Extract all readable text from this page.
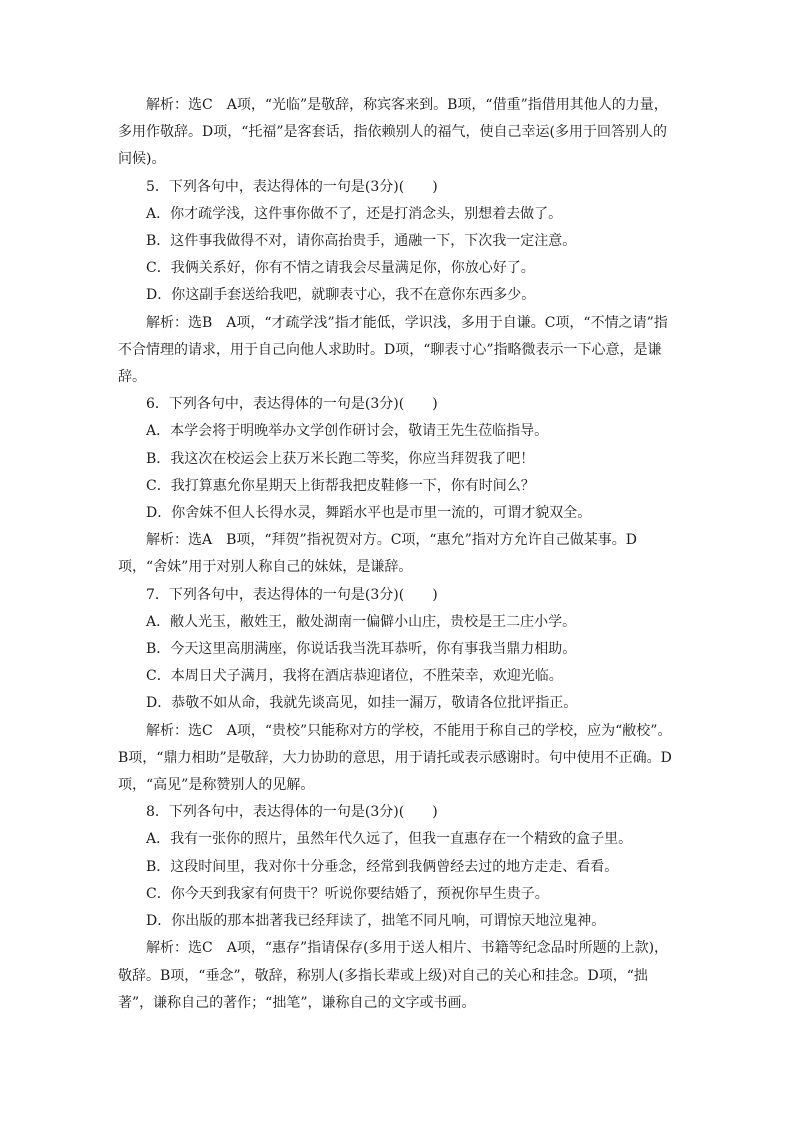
解析：选C　A项，“光临”是敬辞，称宾客来到。B项，“借重”指借用其他人的力量，多用作敬辞。D项，“托福”是客套话，指依赖别人的福气，使自己幸运(多用于回答别人的问候)。

5．下列各句中，表达得体的一句是(3分)(　　)

A．你才疏学浅，这件事你做不了，还是打消念头，别想着去做了。

B．这件事我做得不对，请你高抬贵手，通融一下，下次我一定注意。

C．我俩关系好，你有不情之请我会尽量满足你，你放心好了。

D．你这副手套送给我吧，就聊表寸心，我不在意你东西多少。

解析：选B　A项，“才疏学浅”指才能低，学识浅，多用于自谦。C项，“不情之请”指不合情理的请求，用于自己向他人求助时。D项，“聊表寸心”指略微表示一下心意，是谦辞。

6．下列各句中，表达得体的一句是(3分)(　　)

A．本学会将于明晚举办文学创作研讨会，敬请王先生莅临指导。

B．我这次在校运会上获万米长跑二等奖，你应当拜贺我了吧！

C．我打算惠允你星期天上街帮我把皮鞋修一下，你有时间么？

D．你舍妹不但人长得水灵，舞蹈水平也是市里一流的，可谓才貌双全。

解析：选A　B项，“拜贺”指祝贺对方。C项，“惠允”指对方允许自己做某事。D项，“舍妹”用于对别人称自己的妹妹，是谦辞。

7．下列各句中，表达得体的一句是(3分)(　　)

A．敝人光玉，敝姓王，敝处湖南一偏僻小山庄，贵校是王二庄小学。

B．今天这里高朋满座，你说话我当洗耳恭听，你有事我当鼎力相助。

C．本周日犬子满月，我将在酒店恭迎诸位，不胜荣幸，欢迎光临。

D．恭敬不如从命，我就先谈高见，如挂一漏万，敬请各位批评指正。

解析：选C　A项，“贵校”只能称对方的学校，不能用于称自己的学校，应为“敝校”。B项，“鼎力相助”是敬辞，大力协助的意思，用于请托或表示感谢时。句中使用不正确。D项，“高见”是称赞别人的见解。

8．下列各句中，表达得体的一句是(3分)(　　)

A．我有一张你的照片，虽然年代久远了，但我一直惠存在一个精致的盒子里。

B．这段时间里，我对你十分垂念，经常到我俩曾经去过的地方走走、看看。

C．你今天到我家有何贵干？听说你要结婚了，预祝你早生贵子。

D．你出版的那本拙著我已经拜读了，拙笔不同凡响，可谓惊天地泣鬼神。

解析：选C　A项，“惠存”指请保存(多用于送人相片、书籍等纪念品时所题的上款)，敬辞。B项，“垂念”，敬辞，称别人(多指长辈或上级)对自己的关心和挂念。D项，“拙著”，谦称自己的著作；“拙笔”，谦称自己的文字或书画。
